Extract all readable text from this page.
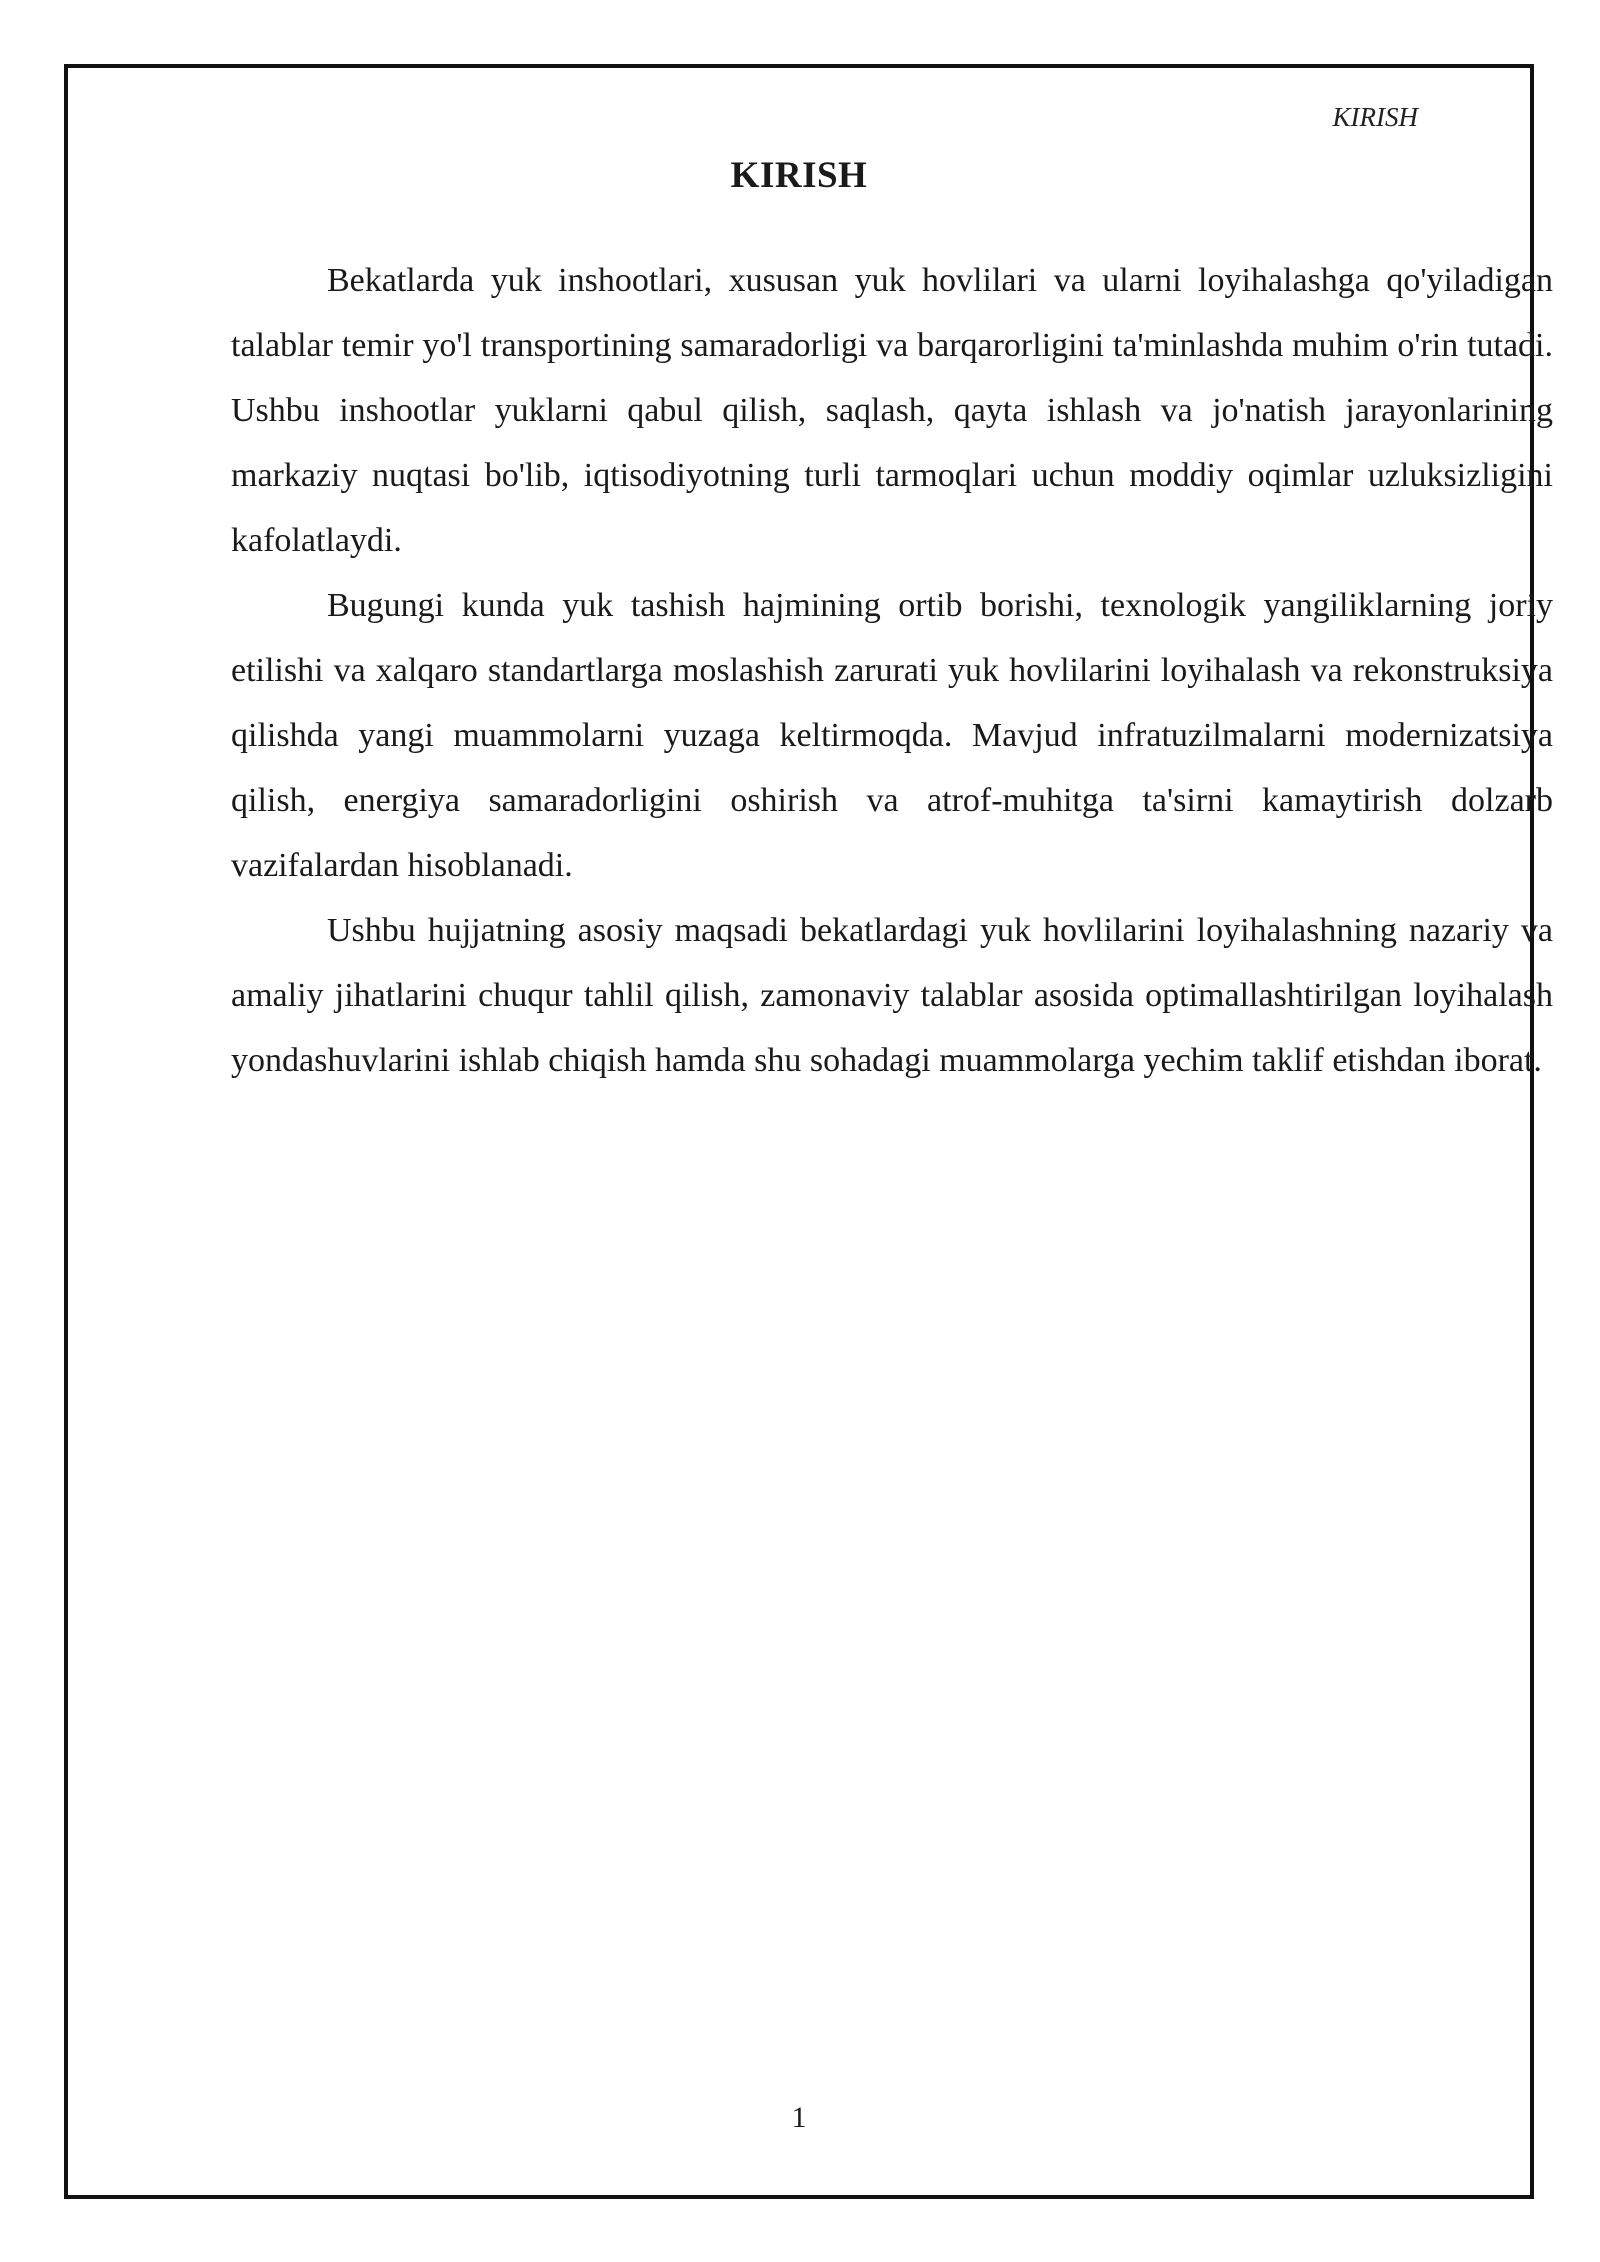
KIRISH
KIRISH

Bekatlarda yuk inshootlari, xususan yuk hovlilari va ularni loyihalashga qo'yiladigan talablar temir yo'l transportining samaradorligi va barqarorligini ta'minlashda muhim o'rin tutadi. Ushbu inshootlar yuklarni qabul qilish, saqlash, qayta ishlash va jo'natish jarayonlarining markaziy nuqtasi bo'lib, iqtisodiyotning turli tarmoqlari uchun moddiy oqimlar uzluksizligini kafolatlaydi.

Bugungi kunda yuk tashish hajmining ortib borishi, texnologik yangiliklarning joriy etilishi va xalqaro standartlarga moslashish zarurati yuk hovlilarini loyihalash va rekonstruksiya qilishda yangi muammolarni yuzaga keltirmoqda. Mavjud infratuzilmalarni modernizatsiya qilish, energiya samaradorligini oshirish va atrof-muhitga ta'sirni kamaytirish dolzarb vazifalardan hisoblanadi.

Ushbu hujjatning asosiy maqsadi bekatlardagi yuk hovlilarini loyihalashning nazariy va amaliy jihatlarini chuqur tahlil qilish, zamonaviy talablar asosida optimallashtirilgan loyihalash yondashuvlarini ishlab chiqish hamda shu sohadagi muammolarga yechim taklif etishdan iborat.

1
